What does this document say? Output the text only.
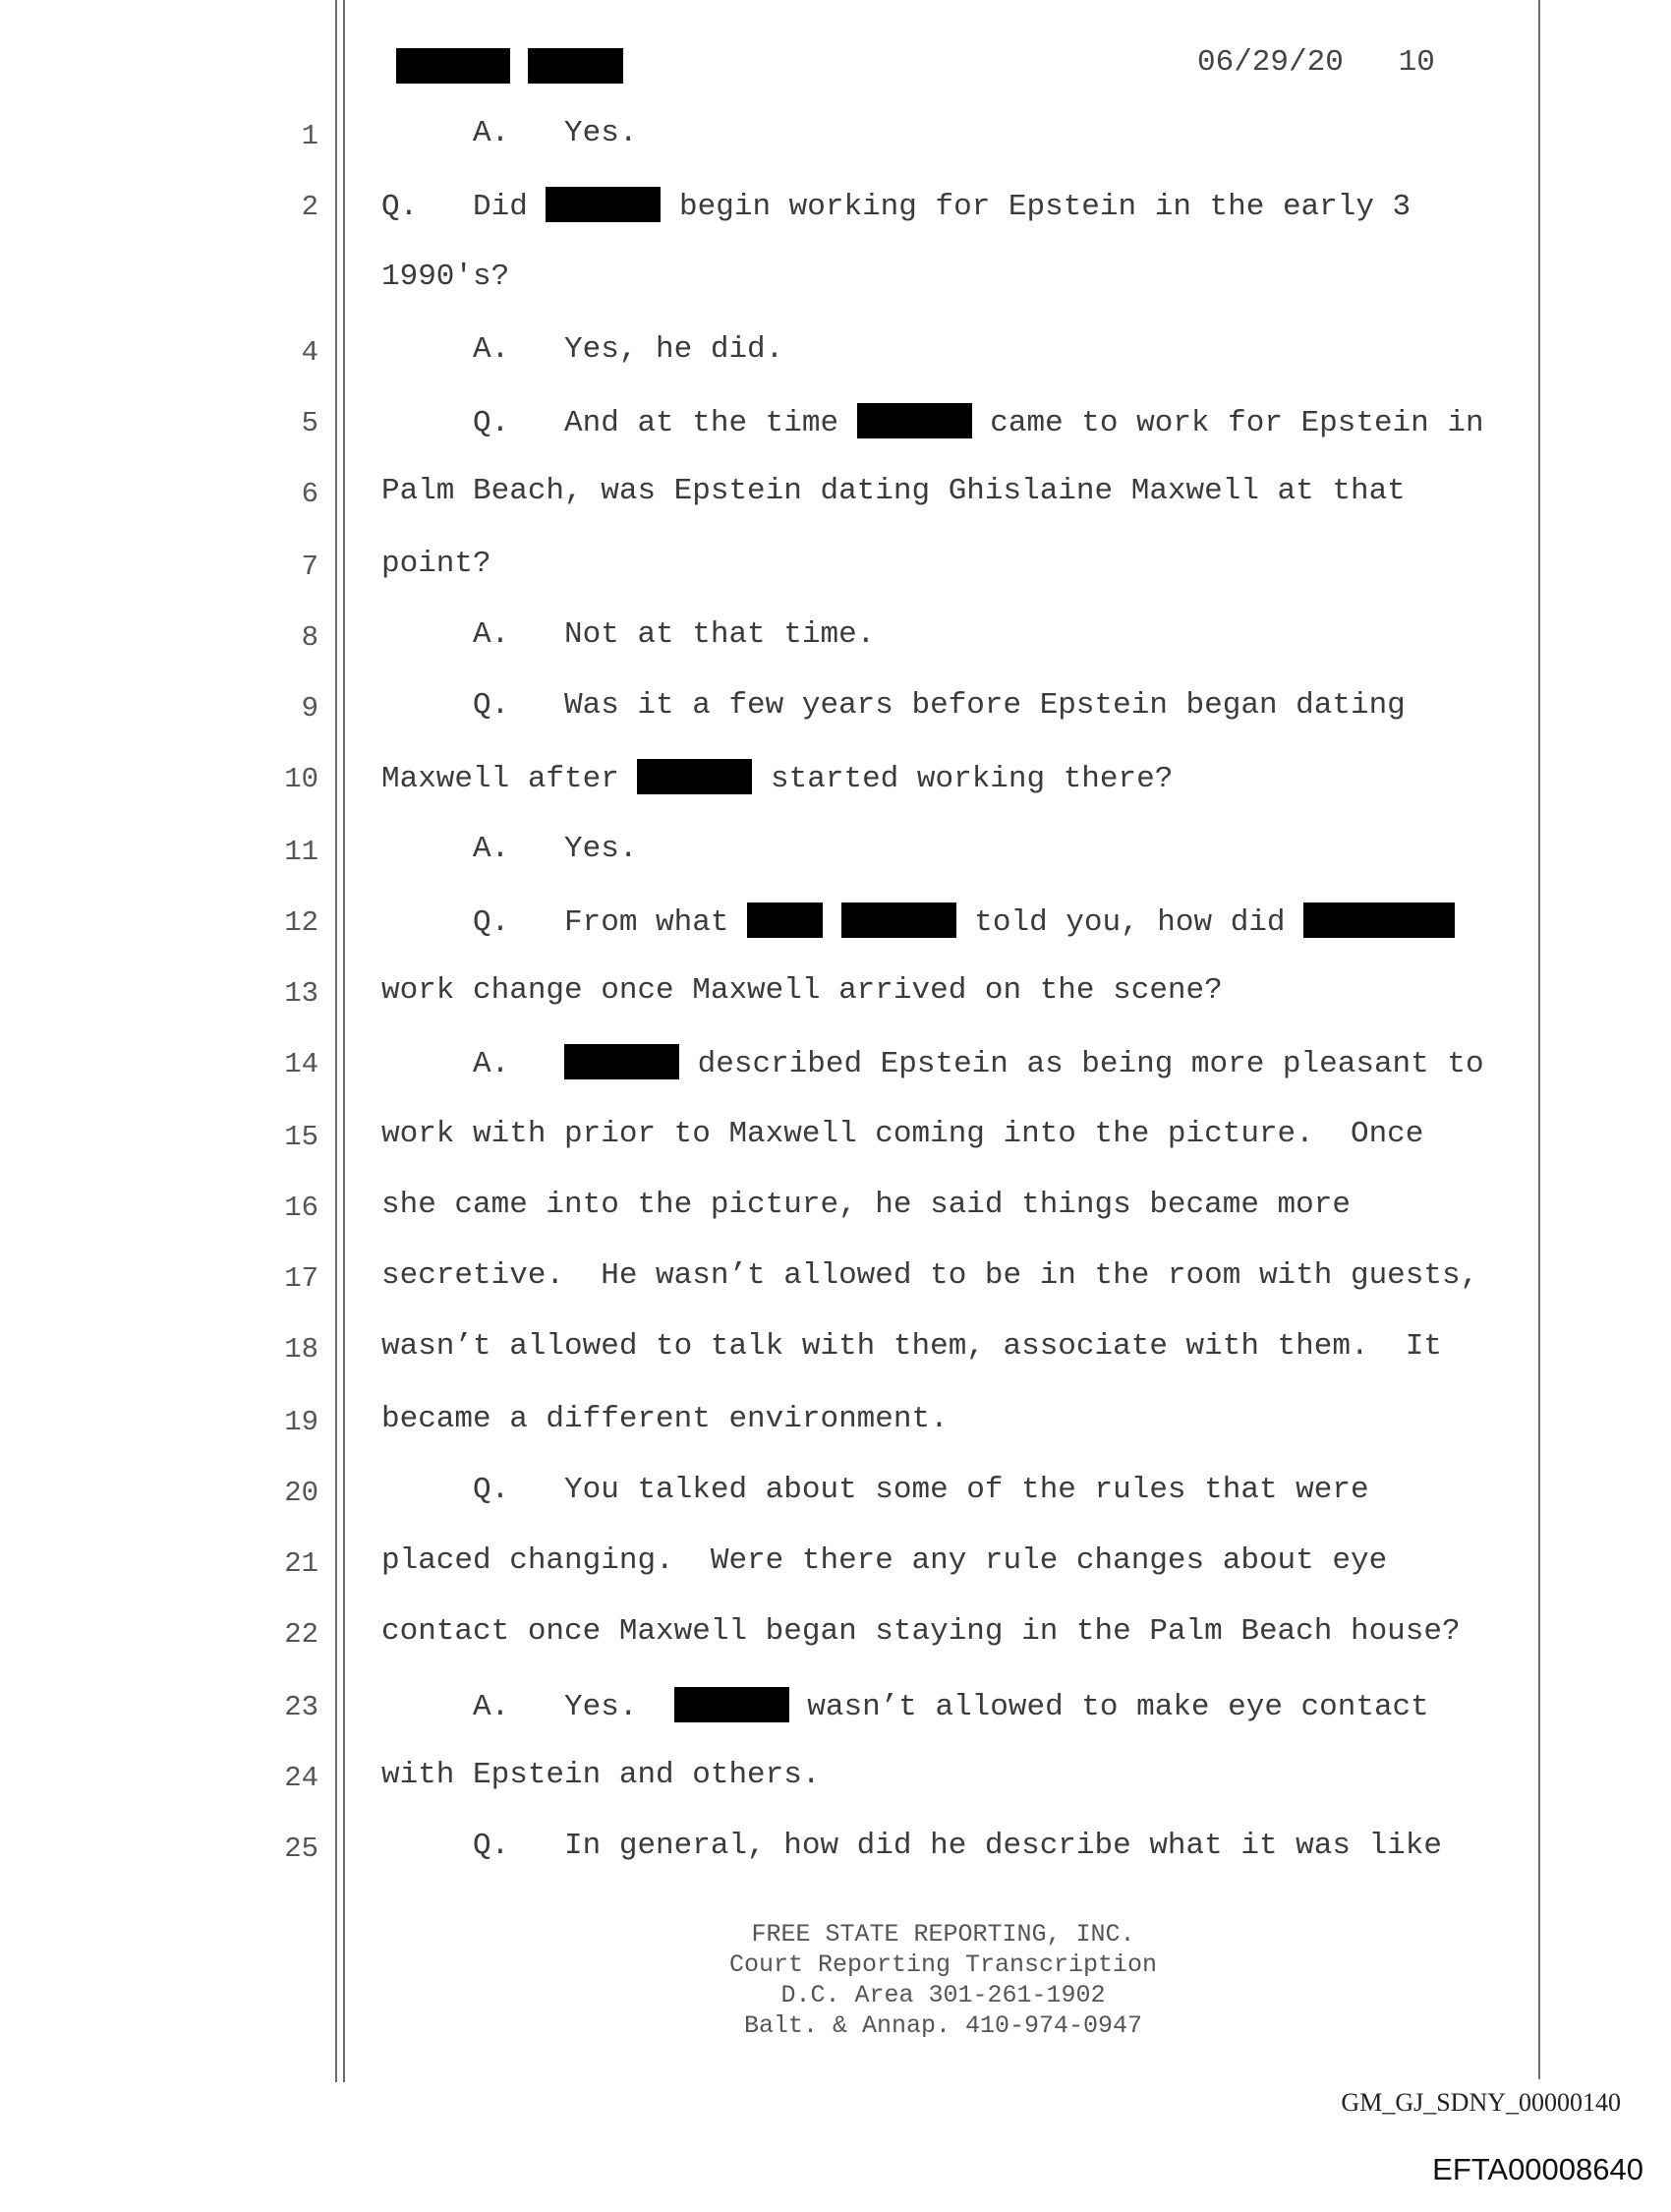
06/29/20   10
1 A.   Yes.
2 Q.   Did	begin working for Epstein in the early 3
1990's?
4 A.   Yes, he did.
5 Q.   And at the time	came to work for Epstein in
6 Palm Beach, was Epstein dating Ghislaine Maxwell at that
7 point?
8 A.   Not at that time.
9 Q.   Was it a few years before Epstein began dating
10 Maxwell after	started working there?
11 A.   Yes.
12 Q.   From what	told you, how did
13 work change once Maxwell arrived on the scene?
14 A.	described Epstein as being more pleasant to
15 work with prior to Maxwell coming into the picture.  Once
16 she came into the picture, he said things became more
17 secretive.  He wasn’t allowed to be in the room with guests,
18 wasn’t allowed to talk with them, associate with them.  It
19 became a different environment.
20 Q.   You talked about some of the rules that were
21 placed changing.  Were there any rule changes about eye
22 contact once Maxwell began staying in the Palm Beach house?
23 A.   Yes.	wasn’t allowed to make eye contact
24 with Epstein and others.
25 Q.   In general, how did he describe what it was like
FREE STATE REPORTING, INC.
Court Reporting Transcription
D.C. Area 301-261-1902
Balt. & Annap. 410-974-0947
GM_GJ_SDNY_00000140
EFTA00008640
